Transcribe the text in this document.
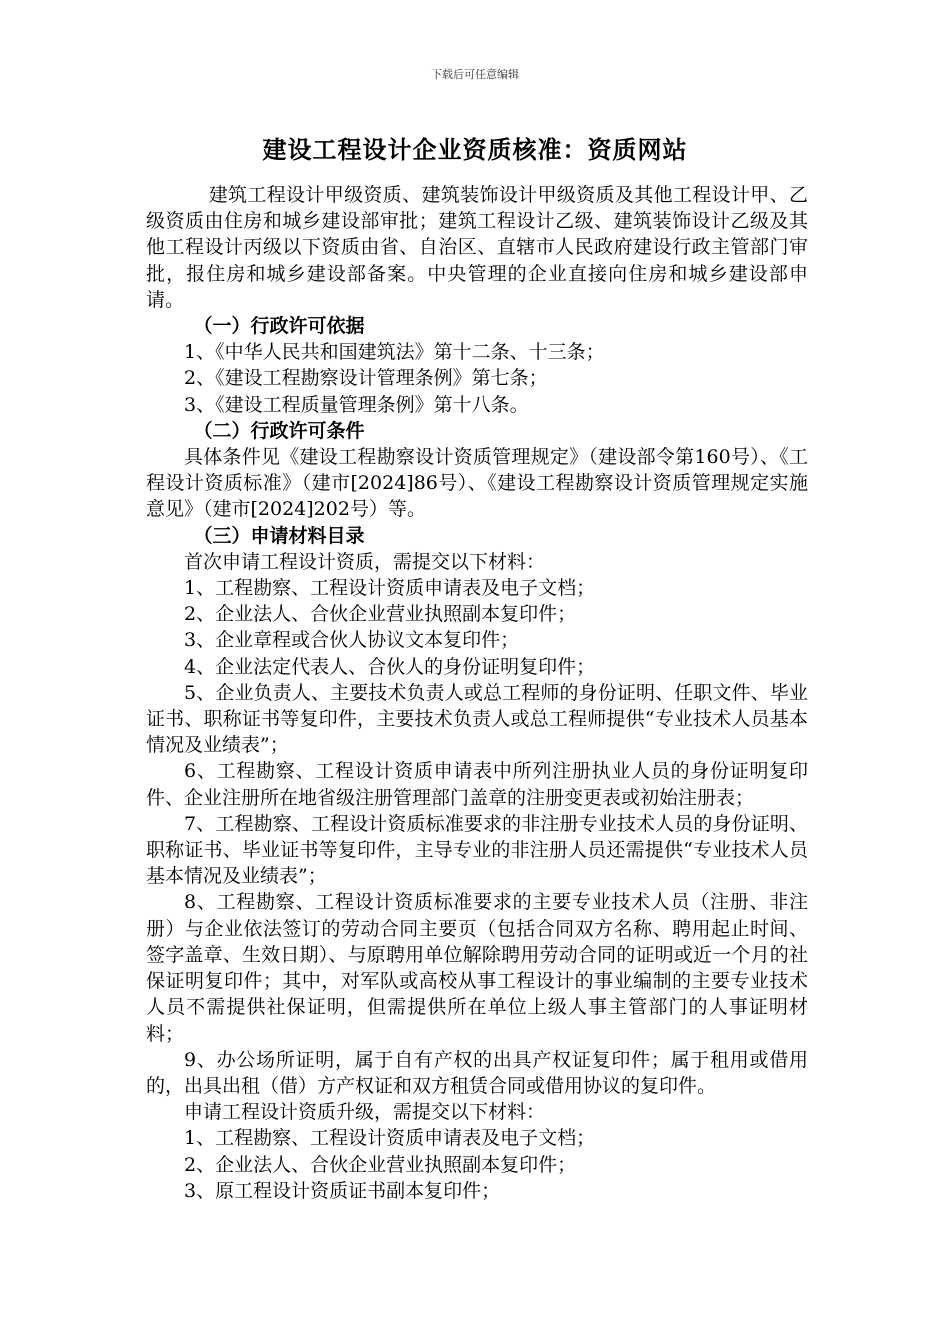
下载后可任意编辑
建设工程设计企业资质核准：资质网站

建筑工程设计甲级资质、建筑装饰设计甲级资质及其他工程设计甲、乙级资质由住房和城乡建设部审批；建筑工程设计乙级、建筑装饰设计乙级及其他工程设计丙级以下资质由省、自治区、直辖市人民政府建设行政主管部门审批，报住房和城乡建设部备案。中央管理的企业直接向住房和城乡建设部申请。

（一）行政许可依据

1、《中华人民共和国建筑法》第十二条、十三条；

2、《建设工程勘察设计管理条例》第七条；

3、《建设工程质量管理条例》第十八条。

（二）行政许可条件

具体条件见《建设工程勘察设计资质管理规定》（建设部令第160号）、《工程设计资质标准》（建市[2024]86号）、《建设工程勘察设计资质管理规定实施意见》（建市[2024]202号）等。

（三）申请材料目录

首次申请工程设计资质，需提交以下材料：

1、工程勘察、工程设计资质申请表及电子文档；

2、企业法人、合伙企业营业执照副本复印件；

3、企业章程或合伙人协议文本复印件；

4、企业法定代表人、合伙人的身份证明复印件；

5、企业负责人、主要技术负责人或总工程师的身份证明、任职文件、毕业证书、职称证书等复印件，主要技术负责人或总工程师提供“专业技术人员基本情况及业绩表”；

6、工程勘察、工程设计资质申请表中所列注册执业人员的身份证明复印件、企业注册所在地省级注册管理部门盖章的注册变更表或初始注册表；

7、工程勘察、工程设计资质标准要求的非注册专业技术人员的身份证明、职称证书、毕业证书等复印件，主导专业的非注册人员还需提供“专业技术人员基本情况及业绩表”；

8、工程勘察、工程设计资质标准要求的主要专业技术人员（注册、非注册）与企业依法签订的劳动合同主要页（包括合同双方名称、聘用起止时间、签字盖章、生效日期）、与原聘用单位解除聘用劳动合同的证明或近一个月的社保证明复印件；其中，对军队或高校从事工程设计的事业编制的主要专业技术人员不需提供社保证明，但需提供所在单位上级人事主管部门的人事证明材料；

9、办公场所证明，属于自有产权的出具产权证复印件；属于租用或借用的，出具出租（借）方产权证和双方租赁合同或借用协议的复印件。

申请工程设计资质升级，需提交以下材料：

1、工程勘察、工程设计资质申请表及电子文档；

2、企业法人、合伙企业营业执照副本复印件；

3、原工程设计资质证书副本复印件；
